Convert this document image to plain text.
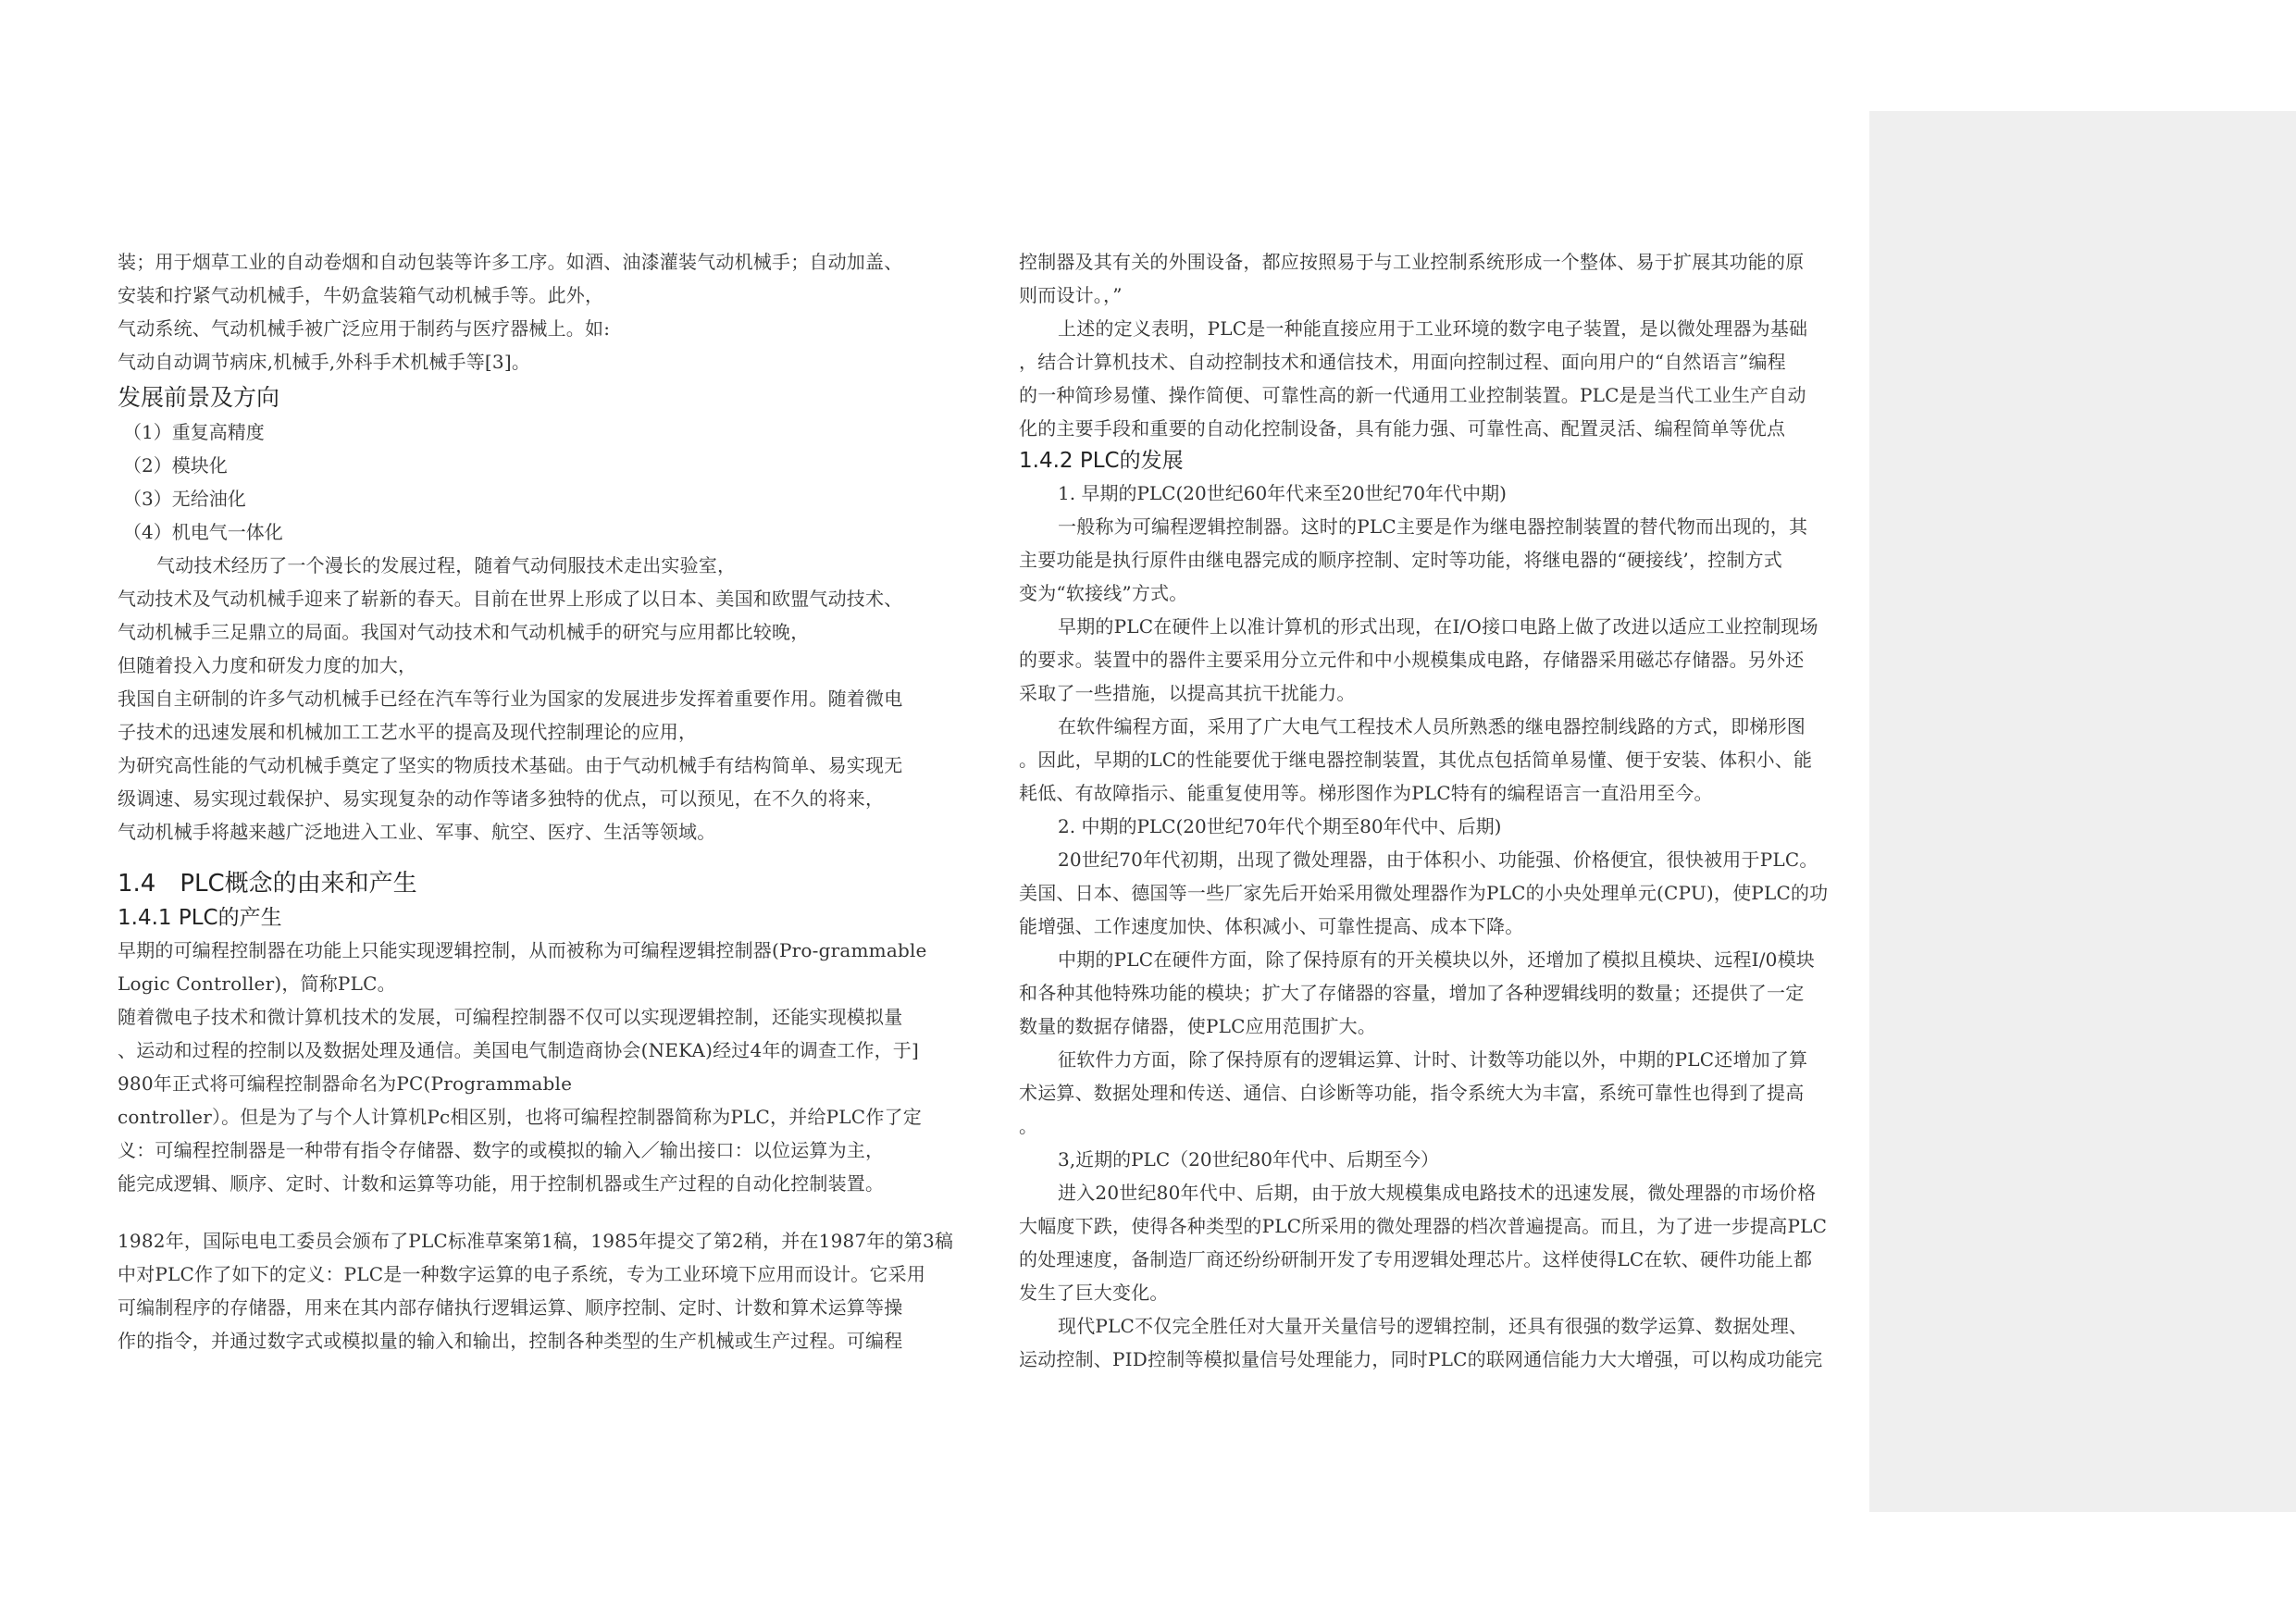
装；用于烟草工业的自动卷烟和自动包装等许多工序。如酒、油漆灌装气动机械手；自动加盖、
安装和拧紧气动机械手，牛奶盒装箱气动机械手等。此外，
气动系统、气动机械手被广泛应用于制药与医疗器械上。如:
气动自动调节病床,机械手,外科手术机械手等[3]。
发展前景及方向
（1）重复高精度
（2）模块化
（3）无给油化
（4）机电气一体化
气动技术经历了一个漫长的发展过程，随着气动伺服技术走出实验室，
气动技术及气动机械手迎来了崭新的春天。目前在世界上形成了以日本、美国和欧盟气动技术、
气动机械手三足鼎立的局面。我国对气动技术和气动机械手的研究与应用都比较晚，
但随着投入力度和研发力度的加大，
我国自主研制的许多气动机械手已经在汽车等行业为国家的发展进步发挥着重要作用。随着微电
子技术的迅速发展和机械加工工艺水平的提高及现代控制理论的应用，
为研究高性能的气动机械手奠定了坚实的物质技术基础。由于气动机械手有结构简单、易实现无
级调速、易实现过载保护、易实现复杂的动作等诸多独特的优点，可以预见，在不久的将来，
气动机械手将越来越广泛地进入工业、军事、航空、医疗、生活等领域。
1.4　PLC概念的由来和产生
1.4.1 PLC的产生
早期的可编程控制器在功能上只能实现逻辑控制，从而被称为可编程逻辑控制器(Pro-grammable
Logic Controller)，简称PLC。
随着微电子技术和微计算机技术的发展，可编程控制器不仅可以实现逻辑控制，还能实现模拟量
、运动和过程的控制以及数据处理及通信。美国电气制造商协会(NEKA)经过4年的调查工作，于]
980年正式将可编程控制器命名为PC(Programmable
controller）。但是为了与个人计算机Pc相区别，也将可编程控制器简称为PLC，并给PLC作了定
义：可编程控制器是一种带有指令存储器、数字的或模拟的输入／输出接口：以位运算为主，
能完成逻辑、顺序、定时、计数和运算等功能，用于控制机器或生产过程的自动化控制装置。
1982年，国际电电工委员会颁布了PLC标准草案第1稿，1985年提交了第2稍，并在1987年的第3稿
中对PLC作了如下的定义：PLC是一种数字运算的电子系统，专为工业环境下应用而设计。它采用
可编制程序的存储器，用来在其内部存储执行逻辑运算、顺序控制、定时、计数和算术运算等操
作的指令，并通过数字式或模拟量的输入和输出，控制各种类型的生产机械或生产过程。可编程
控制器及其有关的外围设备，都应按照易于与工业控制系统形成一个整体、易于扩展其功能的原
则而设计。，”
上述的定义表明，PLC是一种能直接应用于工业环境的数字电子装置，是以微处理器为基础
，结合计算机技术、自动控制技术和通信技术，用面向控制过程、面向用户的“自然语言”编程
的一种简珍易懂、操作简便、可靠性高的新一代通用工业控制装置。PLC是是当代工业生产自动
化的主要手段和重要的自动化控制设备，具有能力强、可靠性高、配置灵活、编程简单等优点
1.4.2 PLC的发展
1. 早期的PLC(20世纪60年代来至20世纪70年代中期)
一般称为可编程逻辑控制器。这时的PLC主要是作为继电器控制装置的替代物而出现的，其
主要功能是执行原件由继电器完成的顺序控制、定时等功能，将继电器的“硬接线’，控制方式
变为“软接线”方式。
早期的PLC在硬件上以准计算机的形式出现，在I/O接口电路上做了改进以适应工业控制现场
的要求。装置中的器件主要采用分立元件和中小规模集成电路，存储器采用磁芯存储器。另外还
采取了一些措施，以提高其抗干扰能力。
在软件编程方面，采用了广大电气工程技术人员所熟悉的继电器控制线路的方式，即梯形图
。因此，早期的LC的性能要优于继电器控制装置，其优点包括简单易懂、便于安装、体积小、能
耗低、有故障指示、能重复使用等。梯形图作为PLC特有的编程语言一直沿用至今。
2. 中期的PLC(20世纪70年代个期至80年代中、后期)
20世纪70年代初期，出现了微处理器，由于体积小、功能强、价格便宜，很快被用于PLC。
美国、日本、德国等一些厂家先后开始采用微处理器作为PLC的小央处理单元(CPU)，使PLC的功
能增强、工作速度加快、体积减小、可靠性提高、成本下降。
中期的PLC在硬件方面，除了保持原有的开关模块以外，还增加了模拟且模块、远程I/0模块
和各种其他特殊功能的模块；扩大了存储器的容量，增加了各种逻辑线明的数量；还提供了一定
数量的数据存储器，使PLC应用范围扩大。
征软件力方面，除了保持原有的逻辑运算、计时、计数等功能以外，中期的PLC还增加了算
术运算、数据处理和传送、通信、白诊断等功能，指令系统大为丰富，系统可靠性也得到了提高
。
3,近期的PLC（20世纪80年代中、后期至今）
进入20世纪80年代中、后期，由于放大规模集成电路技术的迅速发展，微处理器的市场价格
大幅度下跌，使得各种类型的PLC所采用的微处理器的档次普遍提高。而且，为了进一步提高PLC
的处理速度，备制造厂商还纷纷研制开发了专用逻辑处理芯片。这样使得LC在软、硬件功能上都
发生了巨大变化。
现代PLC不仅完全胜任对大量开关量信号的逻辑控制，还具有很强的数学运算、数据处理、
运动控制、PID控制等模拟量信号处理能力，同时PLC的联网通信能力大大增强，可以构成功能完
